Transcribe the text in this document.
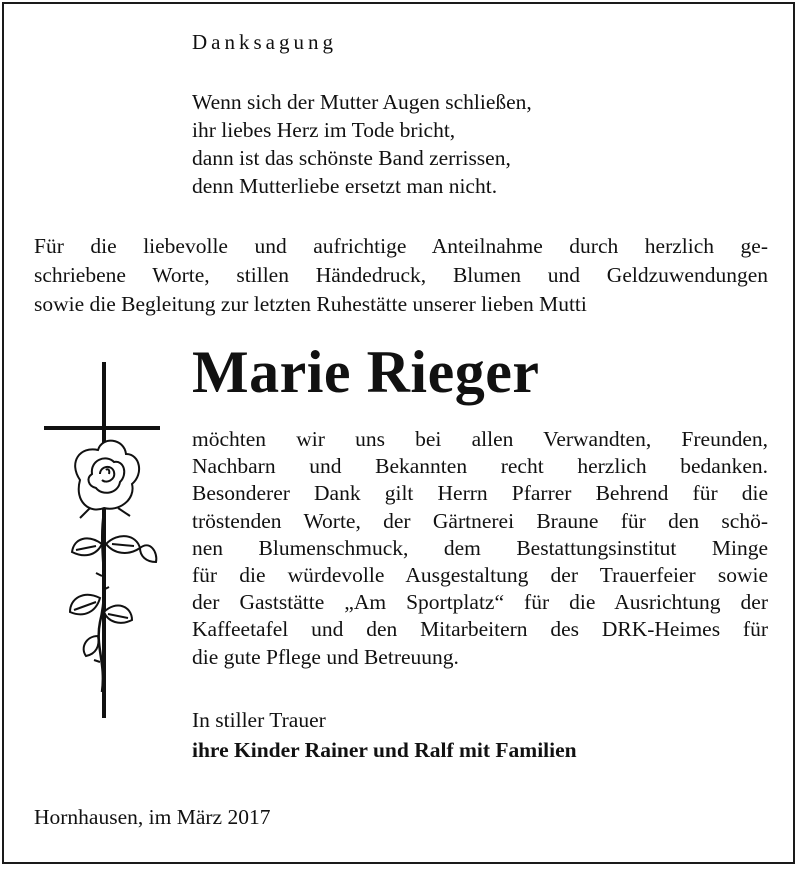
Danksagung
Wenn sich der Mutter Augen schließen,
ihr liebes Herz im Tode bricht,
dann ist das schönste Band zerrissen,
denn Mutterliebe ersetzt man nicht.
Für die liebevolle und aufrichtige Anteilnahme durch herzlich ge-
schriebene Worte, stillen Händedruck, Blumen und Geldzuwendungen
sowie die Begleitung zur letzten Ruhestätte unserer lieben Mutti
Marie Rieger
möchten wir uns bei allen Verwandten, Freunden,
Nachbarn und Bekannten recht herzlich bedanken.
Besonderer Dank gilt Herrn Pfarrer Behrend für die
tröstenden Worte, der Gärtnerei Braune für den schö-
nen Blumenschmuck, dem Bestattungsinstitut Minge
für die würdevolle Ausgestaltung der Trauerfeier sowie
der Gaststätte „Am Sportplatz“ für die Ausrichtung der
Kaffeetafel und den Mitarbeitern des DRK-Heimes für
die gute Pflege und Betreuung.
In stiller Trauer
ihre Kinder Rainer und Ralf mit Familien
Hornhausen, im März 2017
